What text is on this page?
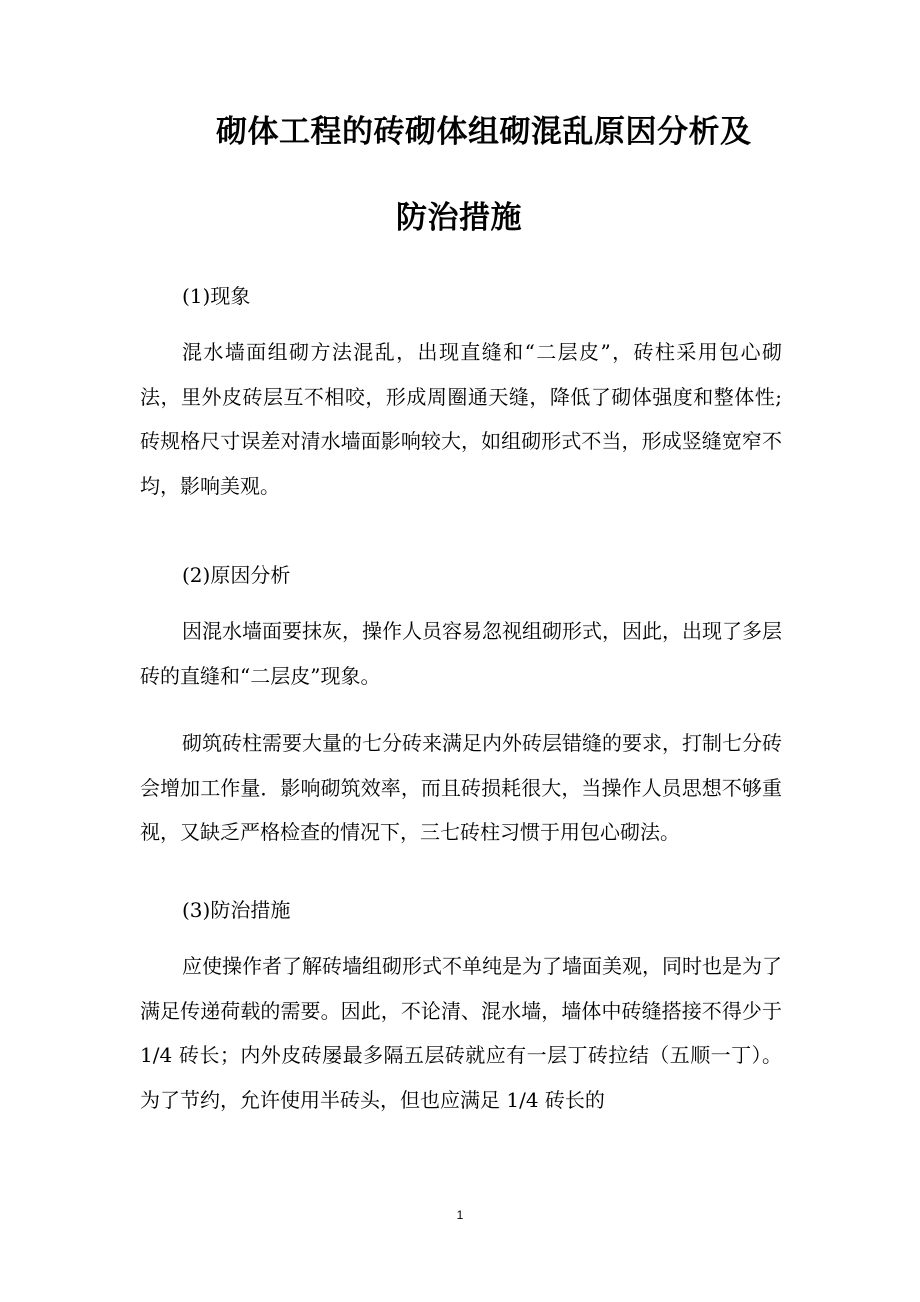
砌体工程的砖砌体组砌混乱原因分析及
防治措施
(1)现象
混水墙面组砌方法混乱，出现直缝和“二层皮”，砖柱采用包心砌法，里外皮砖层互不相咬，形成周圈通天缝，降低了砌体强度和整体性;砖规格尺寸误差对清水墙面影响较大，如组砌形式不当，形成竖缝宽窄不均，影响美观。
(2)原因分析
因混水墙面要抹灰，操作人员容易忽视组砌形式，因此，出现了多层砖的直缝和“二层皮”现象。
砌筑砖柱需要大量的七分砖来满足内外砖层错缝的要求，打制七分砖会增加工作量．影响砌筑效率，而且砖损耗很大，当操作人员思想不够重视，又缺乏严格检查的情况下，三七砖柱习惯于用包心砌法。
(3)防治措施
应使操作者了解砖墙组砌形式不单纯是为了墙面美观，同时也是为了满足传递荷载的需要。因此，不论清、混水墙，墙体中砖缝搭接不得少于 1/4 砖长；内外皮砖屡最多隔五层砖就应有一层丁砖拉结（五顺一丁）。为了节约，允许使用半砖头，但也应满足 1/4 砖长的
1
